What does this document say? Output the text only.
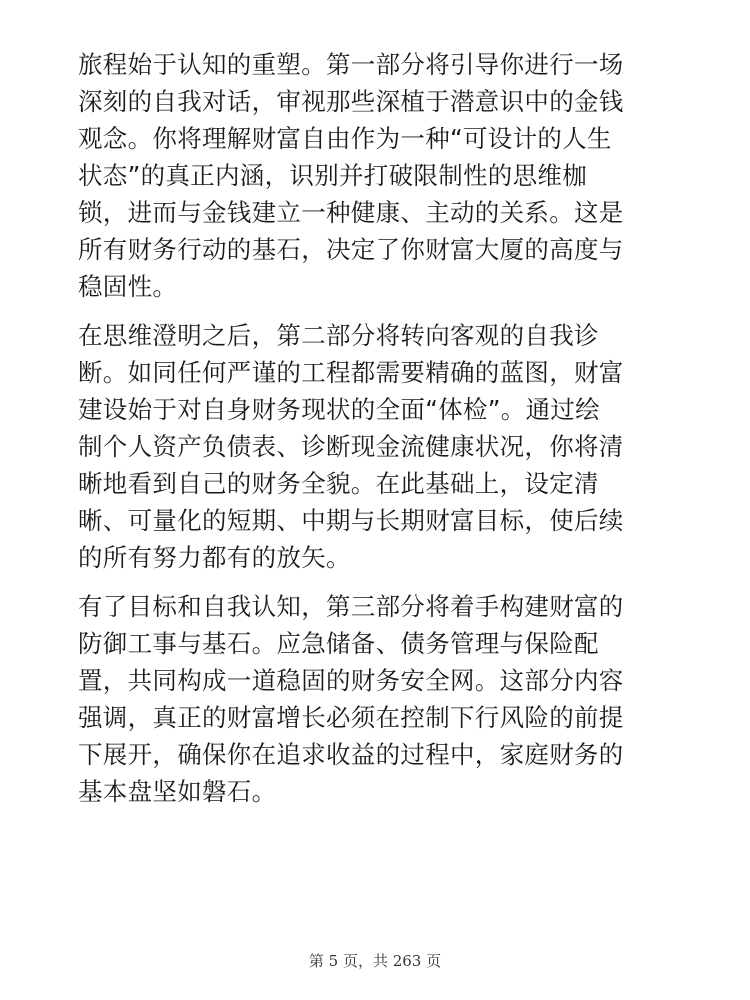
旅程始于认知的重塑。第一部分将引导你进行一场
深刻的自我对话，审视那些深植于潜意识中的金钱
观念。你将理解财富自由作为一种“可设计的人生
状态”的真正内涵，识别并打破限制性的思维枷
锁，进而与金钱建立一种健康、主动的关系。这是
所有财务行动的基石，决定了你财富大厦的高度与
稳固性。
在思维澄明之后，第二部分将转向客观的自我诊
断。如同任何严谨的工程都需要精确的蓝图，财富
建设始于对自身财务现状的全面“体检”。通过绘
制个人资产负债表、诊断现金流健康状况，你将清
晰地看到自己的财务全貌。在此基础上，设定清
晰、可量化的短期、中期与长期财富目标，使后续
的所有努力都有的放矢。
有了目标和自我认知，第三部分将着手构建财富的
防御工事与基石。应急储备、债务管理与保险配
置，共同构成一道稳固的财务安全网。这部分内容
强调，真正的财富增长必须在控制下行风险的前提
下展开，确保你在追求收益的过程中，家庭财务的
基本盘坚如磐石。
第 5 页，共 263 页
